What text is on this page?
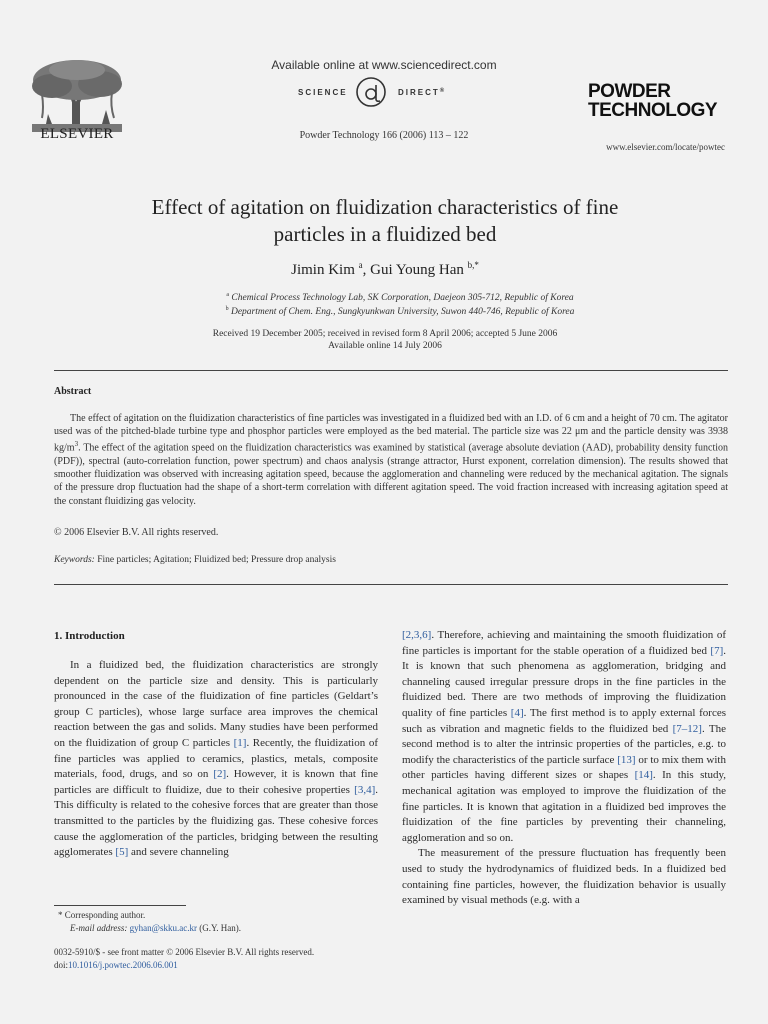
ELSEVIER
Available online at www.sciencedirect.com
SCIENCE	DIRECT®
Powder Technology 166 (2006) 113 – 122
POWDER
TECHNOLOGY
www.elsevier.com/locate/powtec
Effect of agitation on fluidization characteristics of fine
particles in a fluidized bed
Jimin Kim $^a$, Gui Young Han $^{b,*}$
$^a$ Chemical Process Technology Lab, SK Corporation, Daejeon 305-712, Republic of Korea
$^b$ Department of Chem. Eng., Sungkyunkwan University, Suwon 440-746, Republic of Korea
Received 19 December 2005; received in revised form 8 April 2006; accepted 5 June 2006
Available online 14 July 2006
Abstract
The effect of agitation on the fluidization characteristics of fine particles was investigated in a fluidized bed with an I.D. of 6 cm and a height of 70 cm. The agitator used was of the pitched-blade turbine type and phosphor particles were employed as the bed material. The particle size was 22 μm and the particle density was 3938 $kg/m^3$. The effect of the agitation speed on the fluidization characteristics was examined by statistical (average absolute deviation (AAD), probability density function (PDF)), spectral (auto-correlation function, power spectrum) and chaos analysis (strange attractor, Hurst exponent, correlation dimension). The results showed that smoother fluidization was observed with increasing agitation speed, because the agglomeration and channeling were reduced by the mechanical agitation. The signals of the pressure drop fluctuation had the shape of a short-term correlation with different agitation speed. The void fraction increased with increasing agitation speed at the constant fluidizing gas velocity.
© 2006 Elsevier B.V. All rights reserved.
Keywords: Fine particles; Agitation; Fluidized bed; Pressure drop analysis
1. Introduction
In a fluidized bed, the fluidization characteristics are strongly dependent on the particle size and density. This is particularly pronounced in the case of the fluidization of fine particles (Geldart’s group C particles), whose large surface area improves the chemical reaction between the gas and solids. Many studies have been performed on the fluidization of group C particles [1]. Recently, the fluidization of fine particles was applied to ceramics, plastics, metals, composite materials, food, drugs, and so on [2]. However, it is known that fine particles are difficult to fluidize, due to their cohesive properties [3,4]. This difficulty is related to the cohesive forces that are greater than those transmitted to the particles by the fluidizing gas. These cohesive forces cause the agglomeration of the particles, bridging between the resulting agglomerates [5] and severe channeling

[2,3,6]. Therefore, achieving and maintaining the smooth fluidization of fine particles is important for the stable operation of a fluidized bed [7]. It is known that such phenomena as agglomeration, bridging and channeling caused irregular pressure drops in the fine particles in the fluidized bed. There are two methods of improving the fluidization quality of fine particles [4]. The first method is to apply external forces such as vibration and magnetic fields to the fluidized bed [7–12]. The second method is to alter the intrinsic properties of the particles, e.g. to modify the characteristics of the particle surface [13] or to mix them with other particles having different sizes or shapes [14]. In this study, mechanical agitation was employed to improve the fluidization of the fine particles. It is known that agitation in a fluidized bed improves the fluidization of the fine particles by preventing their channeling, agglomeration and so on.

The measurement of the pressure fluctuation has frequently been used to study the hydrodynamics of fluidized beds. In a fluidized bed containing fine particles, however, the fluidization behavior is usually examined by visual methods (e.g. with a

* Corresponding author.
E-mail address: gyhan@skku.ac.kr (G.Y. Han).
0032-5910/$ - see front matter © 2006 Elsevier B.V. All rights reserved.
doi:10.1016/j.powtec.2006.06.001
